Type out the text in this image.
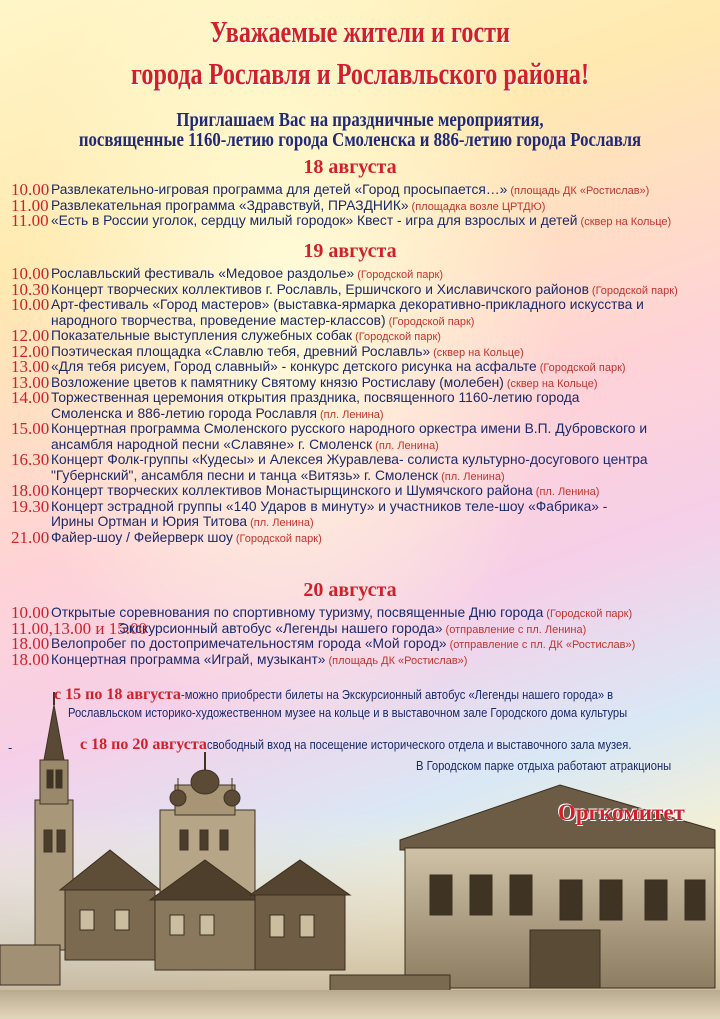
Уважаемые жители и гости
города Рославля и Рославльского района!
Приглашаем Вас на праздничные мероприятия,
посвященные 1160-летию города Смоленска и 886-летию города Рославля
18 августа
10.00 Развлекательно-игровая программа для детей «Город просыпается…» (площадь ДК «Ростислав»)
11.00 Развлекательная программа «Здравствуй, ПРАЗДНИК» (площадка возле ЦРТДЮ)
11.00 «Есть в России уголок, сердцу милый городок» Квест - игра для взрослых и детей (сквер на Кольце)
19 августа
10.00 Рославльский фестиваль «Медовое раздолье» (Городской парк)
10.30 Концерт творческих коллективов г. Рославль, Ершичского и Хиславичского районов (Городской парк)
10.00 Арт-фестиваль «Город мастеров» (выставка-ярмарка декоративно-прикладного искусства и
народного творчества, проведение мастер-классов) (Городской парк)
12.00 Показательные выступления служебных собак (Городской парк)
12.00 Поэтическая площадка «Славлю тебя, древний Рославль» (сквер на Кольце)
13.00 «Для тебя рисуем, Город славный» - конкурс детского рисунка на асфальте (Городской парк)
13.00 Возложение цветов к памятнику Святому князю Ростиславу (молебен) (сквер на Кольце)
14.00 Торжественная церемония открытия праздника, посвященного 1160-летию города
Смоленска и 886-летию города Рославля (пл. Ленина)
15.00 Концертная программа Смоленского русского народного оркестра имени В.П. Дубровского и
ансамбля народной песни «Славяне» г. Смоленск (пл. Ленина)
16.30 Концерт Фолк-группы «Кудесы» и Алексея Журавлева- солиста культурно-досугового центра
"Губернский", ансамбля песни и танца «Витязь» г. Смоленск (пл. Ленина)
18.00 Концерт творческих коллективов Монастырщинского и Шумячского района (пл. Ленина)
19.30 Концерт эстрадной группы «140 Ударов в минуту» и участников теле-шоу «Фабрика» -
Ирины Ортман и Юрия Титова (пл. Ленина)
21.00 Файер-шоу / Фейерверк шоу (Городской парк)
20 августа
10.00 Открытые соревнования по спортивному туризму, посвященные Дню города (Городской парк)
11.00,13.00 и 15.00
Экскурсионный автобус «Легенды нашего города» (отправление с пл. Ленина)
18.00 Велопробег по достопримечательностям города «Мой город» (отправление с пл. ДК «Ростислав»)
18.00 Концертная программа «Играй, музыкант» (площадь ДК «Ростислав»)
с 15 по 18 августа-можно приобрести билеты на Экскурсионный автобус «Легенды нашего города» в
Рославльском историко-художественном музее на кольце и в выставочном зале Городского дома культуры
-	с 18 по 20 августасвободный вход на посещение исторического отдела и выставочного зала музея.
В Городском парке отдыха работают атракционы
Оргкомитет
